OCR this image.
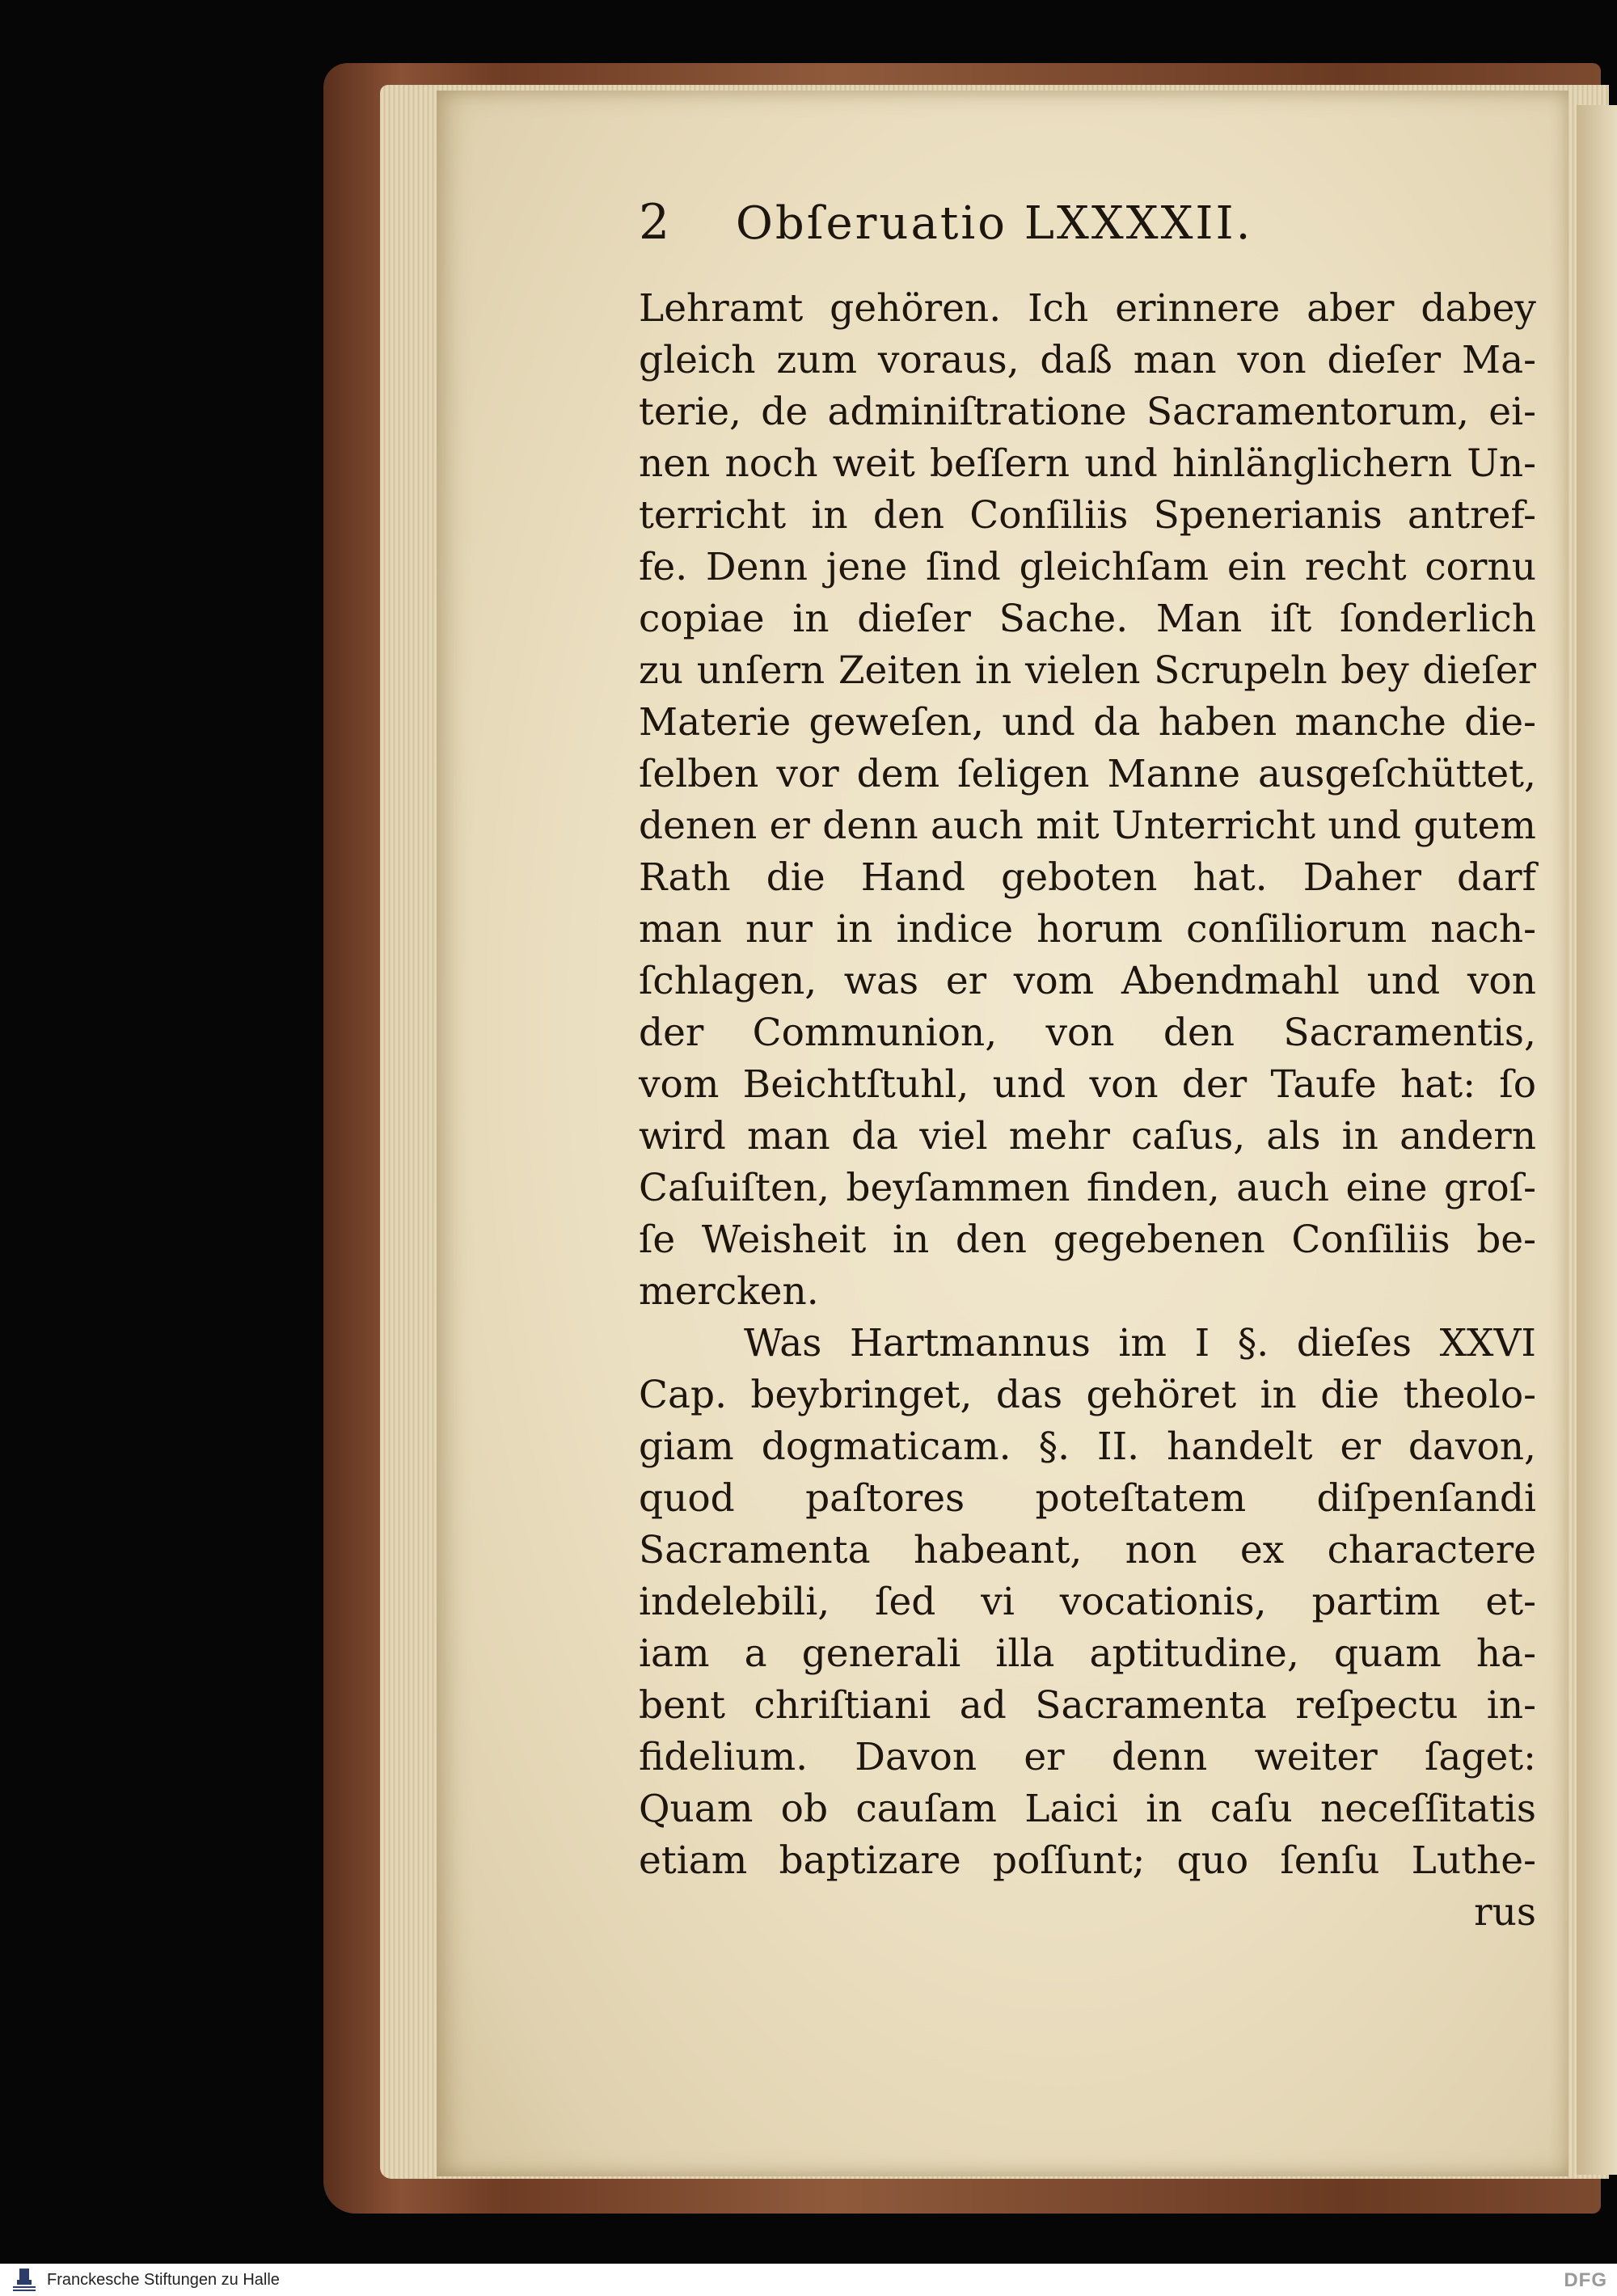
2	Obſeruatio LXXXXII.
Lehramt gehören. Ich erinnere aber dabey
gleich zum voraus, daß man von dieſer Ma-
terie, de adminiſtratione Sacramentorum, ei-
nen noch weit beſſern und hinlänglichern Un-
terricht in den Conſiliis Spenerianis antref-
fe. Denn jene ſind gleichſam ein recht cornu
copiae in dieſer Sache. Man iſt ſonderlich
zu unſern Zeiten in vielen Scrupeln bey dieſer
Materie geweſen, und da haben manche die-
ſelben vor dem ſeligen Manne ausgeſchüttet,
denen er denn auch mit Unterricht und gutem
Rath die Hand geboten hat. Daher darf
man nur in indice horum conſiliorum nach-
ſchlagen, was er vom Abendmahl und von
der Communion, von den Sacramentis,
vom Beichtſtuhl, und von der Taufe hat: ſo
wird man da viel mehr caſus, als in andern
Caſuiſten, beyſammen finden, auch eine groſ-
ſe Weisheit in den gegebenen Conſiliis be-
mercken.
Was Hartmannus im I §. dieſes XXVI
Cap. beybringet, das gehöret in die theolo-
giam dogmaticam. §. II. handelt er davon,
quod paſtores poteſtatem diſpenſandi
Sacramenta habeant, non ex charactere
indelebili, ſed vi vocationis, partim et-
iam a generali illa aptitudine, quam ha-
bent chriſtiani ad Sacramenta reſpectu in-
fidelium. Davon er denn weiter ſaget:
Quam ob cauſam Laici in caſu neceſſitatis
etiam baptizare poſſunt; quo ſenſu Luthe-
rus
Franckesche Stiftungen zu Halle	DFG
